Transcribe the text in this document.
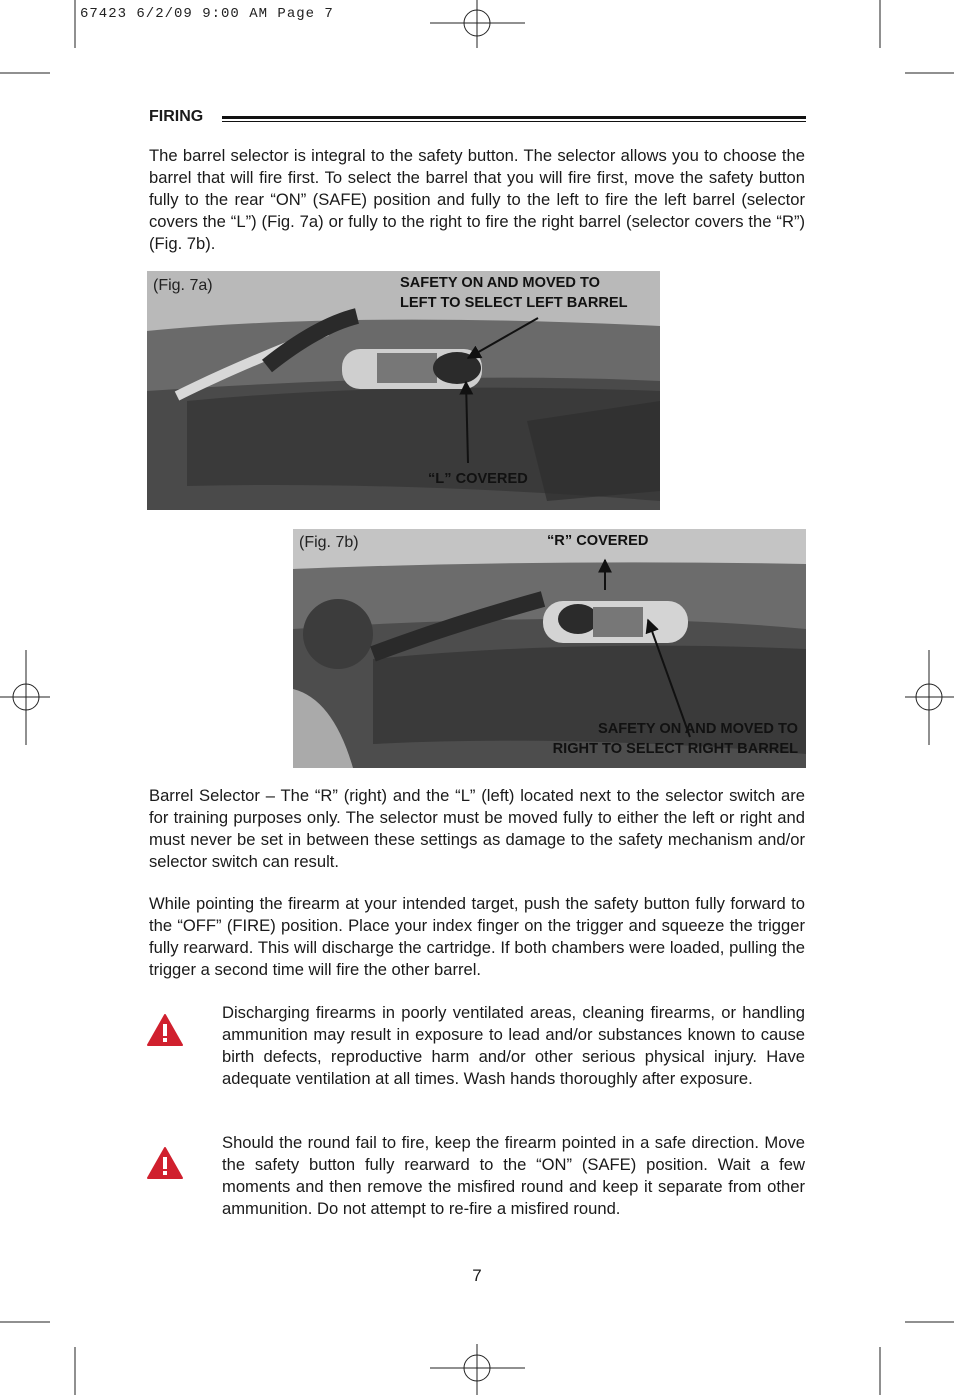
67423 6/2/09 9:00 AM Page 7
FIRING

The barrel selector is integral to the safety button. The selector allows you to choose the barrel that will fire first. To select the barrel that you will fire first, move the safety button fully to the rear “ON” (SAFE) position and fully to the left to fire the left barrel (selector covers the “L”) (Fig. 7a) or fully to the right to fire the right barrel (selector covers the “R”) (Fig. 7b).

(Fig. 7a)	SAFETY ON AND MOVED TO
LEFT TO SELECT LEFT BARREL
“L” COVERED
(Fig. 7b)	“R” COVERED
SAFETY ON AND MOVED TO
RIGHT TO SELECT RIGHT BARREL

Barrel Selector – The “R” (right) and the “L” (left) located next to the selector switch are for training purposes only. The selector must be moved fully to either the left or right and must never be set in between these settings as damage to the safety mechanism and/or selector switch can result.

While pointing the firearm at your intended target, push the safety button fully forward to the “OFF” (FIRE) position. Place your index finger on the trigger and squeeze the trigger fully rearward. This will discharge the cartridge. If both chambers were loaded, pulling the trigger a second time will fire the other barrel.

Discharging firearms in poorly ventilated areas, cleaning firearms, or handling ammunition may result in exposure to lead and/or substances known to cause birth defects, reproductive harm and/or other serious physical injury. Have adequate ventilation at all times. Wash hands thoroughly after exposure.

Should the round fail to fire, keep the firearm pointed in a safe direction. Move the safety button fully rearward to the “ON” (SAFE) position. Wait a few moments and then remove the misfired round and keep it separate from other ammunition. Do not attempt to re-fire a misfired round.

7
